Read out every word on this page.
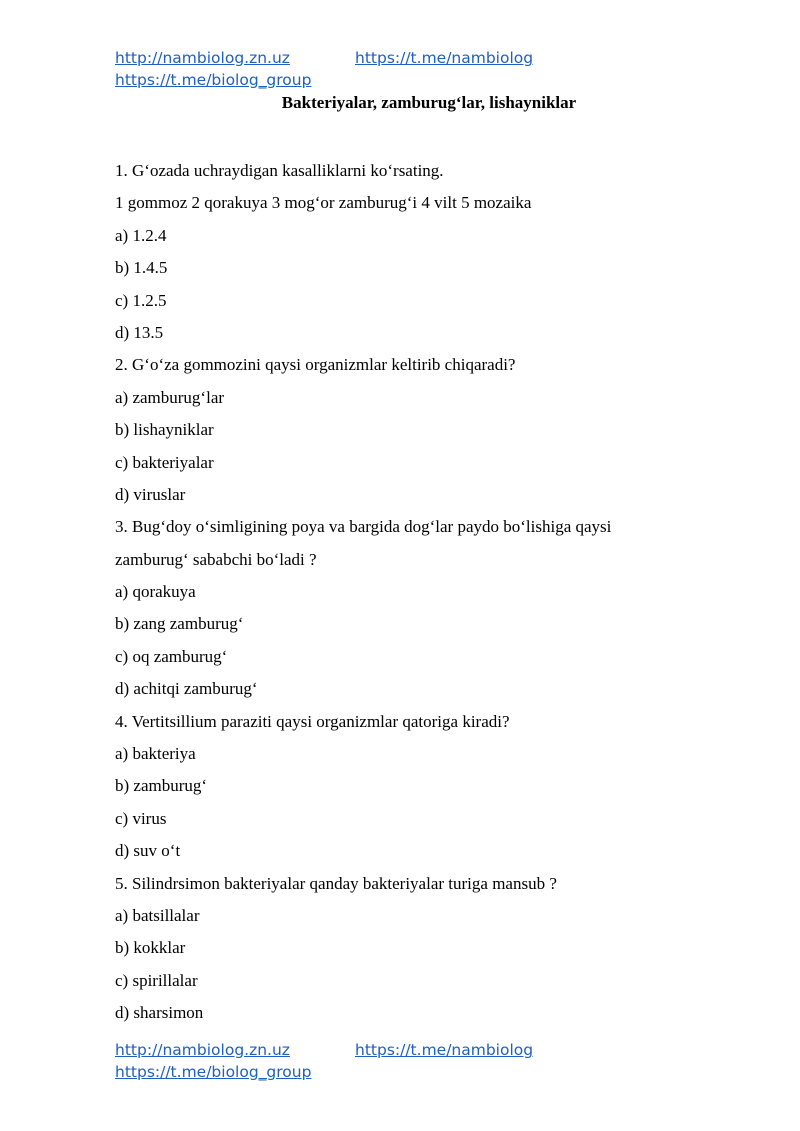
http://nambiolog.zn.uz	https://t.me/nambiolog
https://t.me/biolog_group
Bakteriyalar, zamburug‘lar, lishayniklar
1. G‘ozada uchraydigan kasalliklarni ko‘rsating.
1 gommoz 2 qorakuya 3 mog‘or zamburug‘i 4 vilt 5 mozaika
a) 1.2.4
b) 1.4.5
c) 1.2.5
d) 13.5
2. G‘o‘za gommozini qaysi organizmlar keltirib chiqaradi?
a) zamburug‘lar
b) lishayniklar
c) bakteriyalar
d) viruslar
3. Bug‘doy o‘simligining poya va bargida dog‘lar paydo bo‘lishiga qaysi
zamburug‘ sababchi bo‘ladi ?
a) qorakuya
b) zang zamburug‘
c) oq zamburug‘
d) achitqi zamburug‘
4. Vertitsillium paraziti qaysi organizmlar qatoriga kiradi?
a) bakteriya
b) zamburug‘
c) virus
d) suv o‘t
5. Silindrsimon bakteriyalar qanday bakteriyalar turiga mansub ?
a) batsillalar
b) kokklar
c) spirillalar
d) sharsimon
http://nambiolog.zn.uz	https://t.me/nambiolog
https://t.me/biolog_group
